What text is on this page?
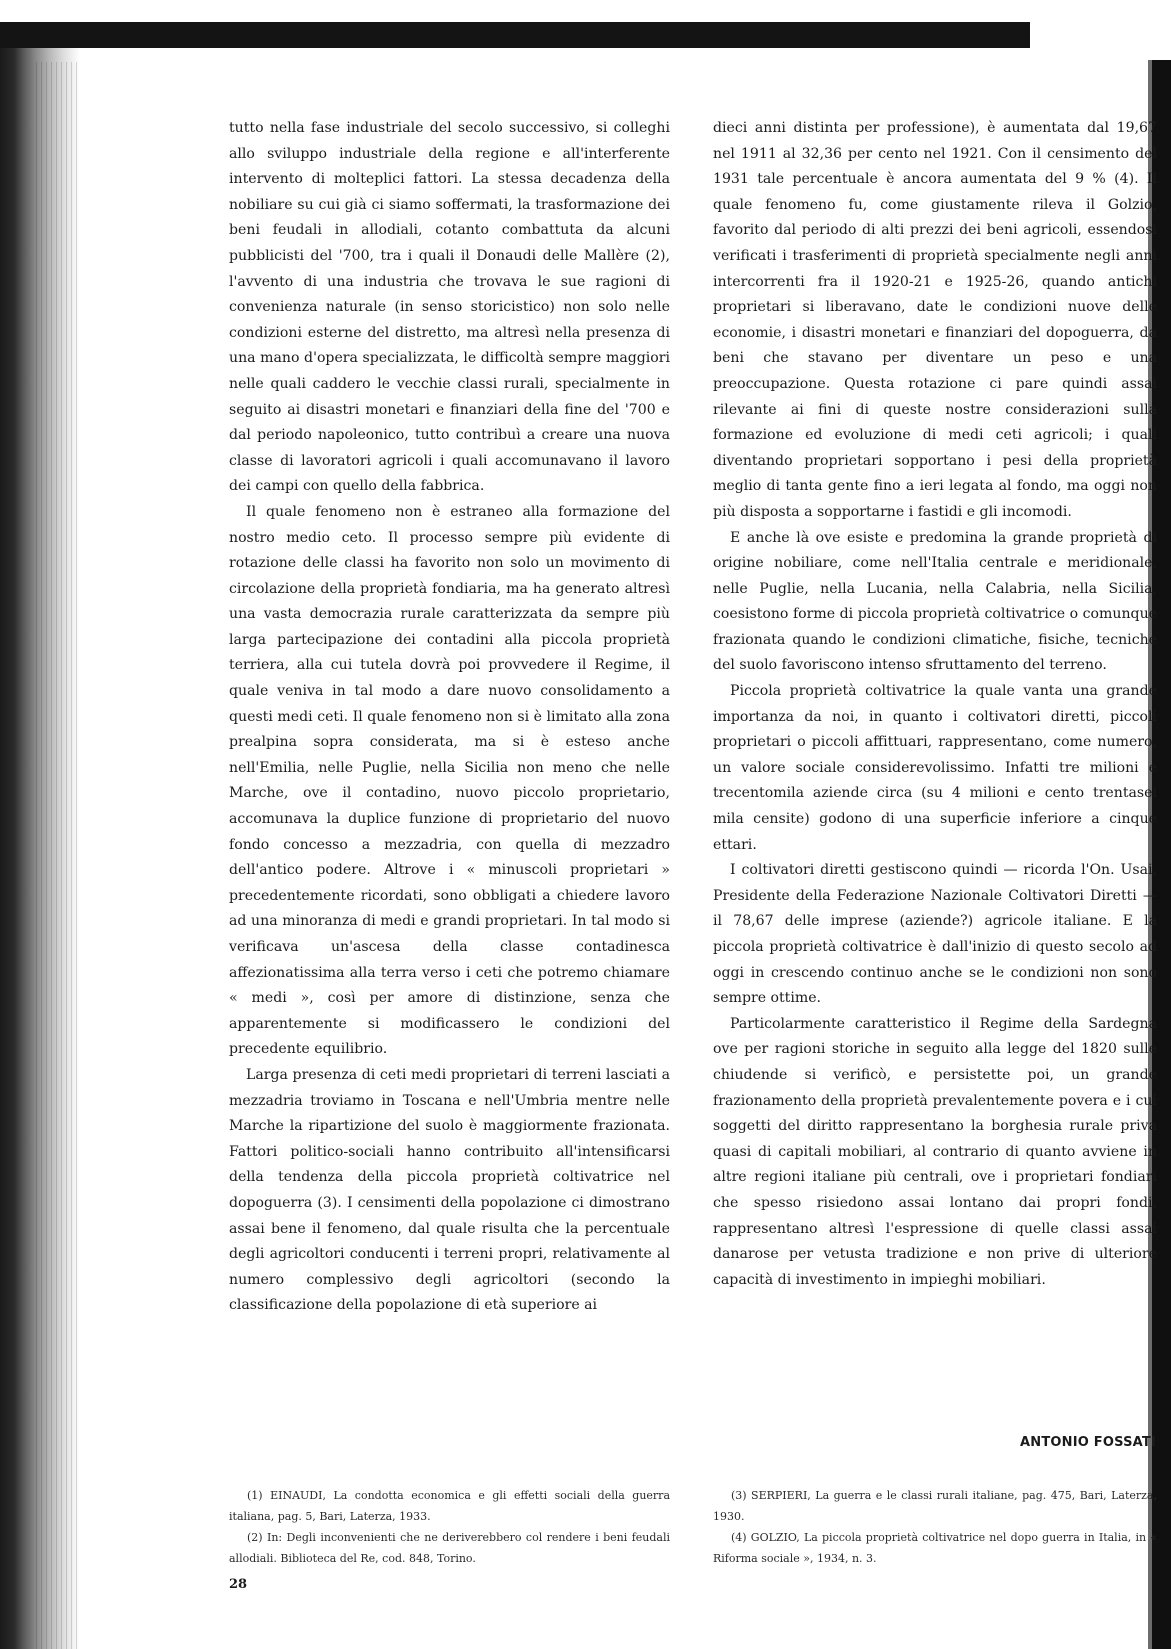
tutto nella fase industriale del secolo successivo, si colleghi allo sviluppo industriale della regione e all'interferente intervento di molteplici fattori. La stessa decadenza della nobiliare su cui già ci siamo soffermati, la trasformazione dei beni feudali in allodiali, cotanto combattuta da alcuni pubblicisti del '700, tra i quali il Donaudi delle Mallère (2), l'avvento di una industria che trovava le sue ragioni di convenienza naturale (in senso storicistico) non solo nelle condizioni esterne del distretto, ma altresì nella presenza di una mano d'opera specializzata, le difficoltà sempre maggiori nelle quali caddero le vecchie classi rurali, specialmente in seguito ai disastri monetari e finanziari della fine del '700 e dal periodo napoleonico, tutto contribuì a creare una nuova classe di lavoratori agricoli i quali accomunavano il lavoro dei campi con quello della fabbrica.

Il quale fenomeno non è estraneo alla formazione del nostro medio ceto. Il processo sempre più evidente di rotazione delle classi ha favorito non solo un movimento di circolazione della proprietà fondiaria, ma ha generato altresì una vasta democrazia rurale caratterizzata da sempre più larga partecipazione dei contadini alla piccola proprietà terriera, alla cui tutela dovrà poi provvedere il Regime, il quale veniva in tal modo a dare nuovo consolidamento a questi medi ceti. Il quale fenomeno non si è limitato alla zona prealpina sopra considerata, ma si è esteso anche nell'Emilia, nelle Puglie, nella Sicilia non meno che nelle Marche, ove il contadino, nuovo piccolo proprietario, accomunava la duplice funzione di proprietario del nuovo fondo concesso a mezzadria, con quella di mezzadro dell'antico podere. Altrove i « minuscoli proprietari » precedentemente ricordati, sono obbligati a chiedere lavoro ad una minoranza di medi e grandi proprietari. In tal modo si verificava un'ascesa della classe contadinesca affezionatissima alla terra verso i ceti che potremo chiamare « medi », così per amore di distinzione, senza che apparentemente si modificassero le condizioni del precedente equilibrio.

Larga presenza di ceti medi proprietari di terreni lasciati a mezzadria troviamo in Toscana e nell'Umbria mentre nelle Marche la ripartizione del suolo è maggiormente frazionata. Fattori politico-sociali hanno contribuito all'intensificarsi della tendenza della piccola proprietà coltivatrice nel dopoguerra (3). I censimenti della popolazione ci dimostrano assai bene il fenomeno, dal quale risulta che la percentuale degli agricoltori conducenti i terreni propri, relativamente al numero complessivo degli agricoltori (secondo la classificazione della popolazione di età superiore ai

dieci anni distinta per professione), è aumentata dal 19,67 nel 1911 al 32,36 per cento nel 1921. Con il censimento del 1931 tale percentuale è ancora aumentata del 9 % (4). Il quale fenomeno fu, come giustamente rileva il Golzio, favorito dal periodo di alti prezzi dei beni agricoli, essendosi verificati i trasferimenti di proprietà specialmente negli anni intercorrenti fra il 1920-21 e 1925-26, quando antichi proprietari si liberavano, date le condizioni nuove delle economie, i disastri monetari e finanziari del dopoguerra, da beni che stavano per diventare un peso e una preoccupazione. Questa rotazione ci pare quindi assai rilevante ai fini di queste nostre considerazioni sulla formazione ed evoluzione di medi ceti agricoli; i quali diventando proprietari sopportano i pesi della proprietà meglio di tanta gente fino a ieri legata al fondo, ma oggi non più disposta a sopportarne i fastidi e gli incomodi.

E anche là ove esiste e predomina la grande proprietà di origine nobiliare, come nell'Italia centrale e meridionale, nelle Puglie, nella Lucania, nella Calabria, nella Sicilia, coesistono forme di piccola proprietà coltivatrice o comunque frazionata quando le condizioni climatiche, fisiche, tecniche del suolo favoriscono intenso sfruttamento del terreno.

Piccola proprietà coltivatrice la quale vanta una grande importanza da noi, in quanto i coltivatori diretti, piccoli proprietari o piccoli affittuari, rappresentano, come numero, un valore sociale considerevolissimo. Infatti tre milioni e trecentomila aziende circa (su 4 milioni e cento trentasei mila censite) godono di una superficie inferiore a cinque ettari.

I coltivatori diretti gestiscono quindi — ricorda l'On. Usai, Presidente della Federazione Nazionale Coltivatori Diretti — il 78,67 delle imprese (aziende?) agricole italiane. E la piccola proprietà coltivatrice è dall'inizio di questo secolo ad oggi in crescendo continuo anche se le condizioni non sono sempre ottime.

Particolarmente caratteristico il Regime della Sardegna ove per ragioni storiche in seguito alla legge del 1820 sulle chiudende si verificò, e persistette poi, un grande frazionamento della proprietà prevalentemente povera e i cui soggetti del diritto rappresentano la borghesia rurale priva quasi di capitali mobiliari, al contrario di quanto avviene in altre regioni italiane più centrali, ove i proprietari fondiari che spesso risiedono assai lontano dai propri fondi, rappresentano altresì l'espressione di quelle classi assai danarose per vetusta tradizione e non prive di ulteriore capacità di investimento in impieghi mobiliari.

ANTONIO FOSSATI

(1) EINAUDI, La condotta economica e gli effetti sociali della guerra italiana, pag. 5, Bari, Laterza, 1933.

(2) In: Degli inconvenienti che ne deriverebbero col rendere i beni feudali allodiali. Biblioteca del Re, cod. 848, Torino.

(3) SERPIERI, La guerra e le classi rurali italiane, pag. 475, Bari, Laterza, 1930.

(4) GOLZIO, La piccola proprietà coltivatrice nel dopo guerra in Italia, in « Riforma sociale », 1934, n. 3.

28
